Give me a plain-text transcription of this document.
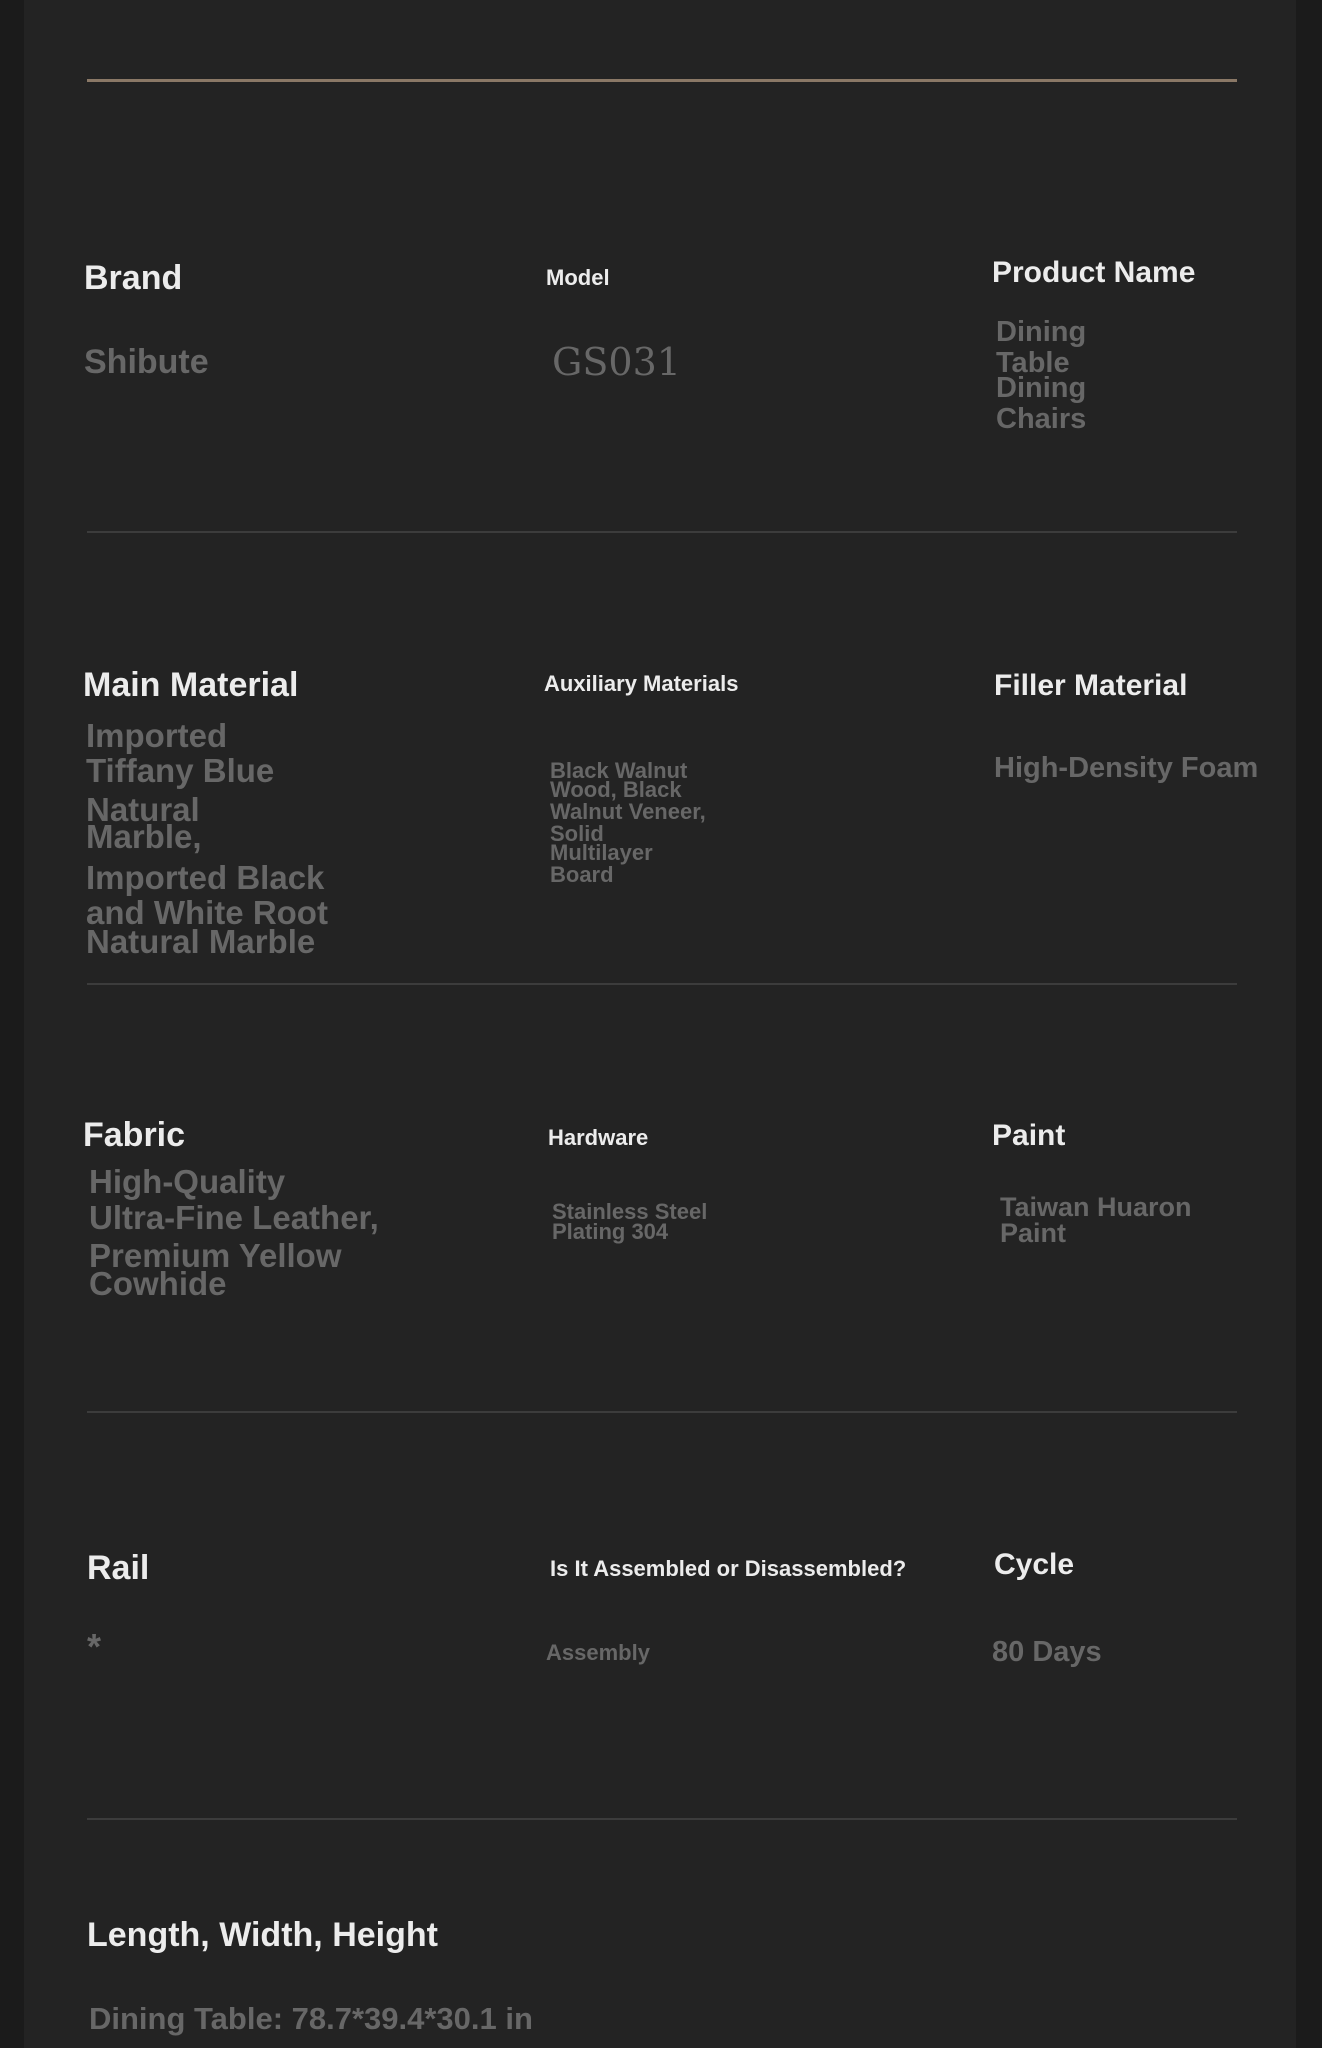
Brand
Shibute
Model
GS031
Product Name
Dining
Table
Dining
Chairs
Main Material
Imported
Tiffany Blue
Natural
Marble,
Imported Black
and White Root
Natural Marble
Auxiliary Materials
Black Walnut
Wood, Black
Walnut Veneer,
Solid
Multilayer
Board
Filler Material
High-Density Foam
Fabric
High-Quality
Ultra-Fine Leather,
Premium Yellow
Cowhide
Hardware
Stainless Steel
Plating 304
Paint
Taiwan Huaron
Paint
Rail
*
Is It Assembled or Disassembled?
Assembly
Cycle
80 Days
Length, Width, Height
Dining Table: 78.7*39.4*30.1 in
